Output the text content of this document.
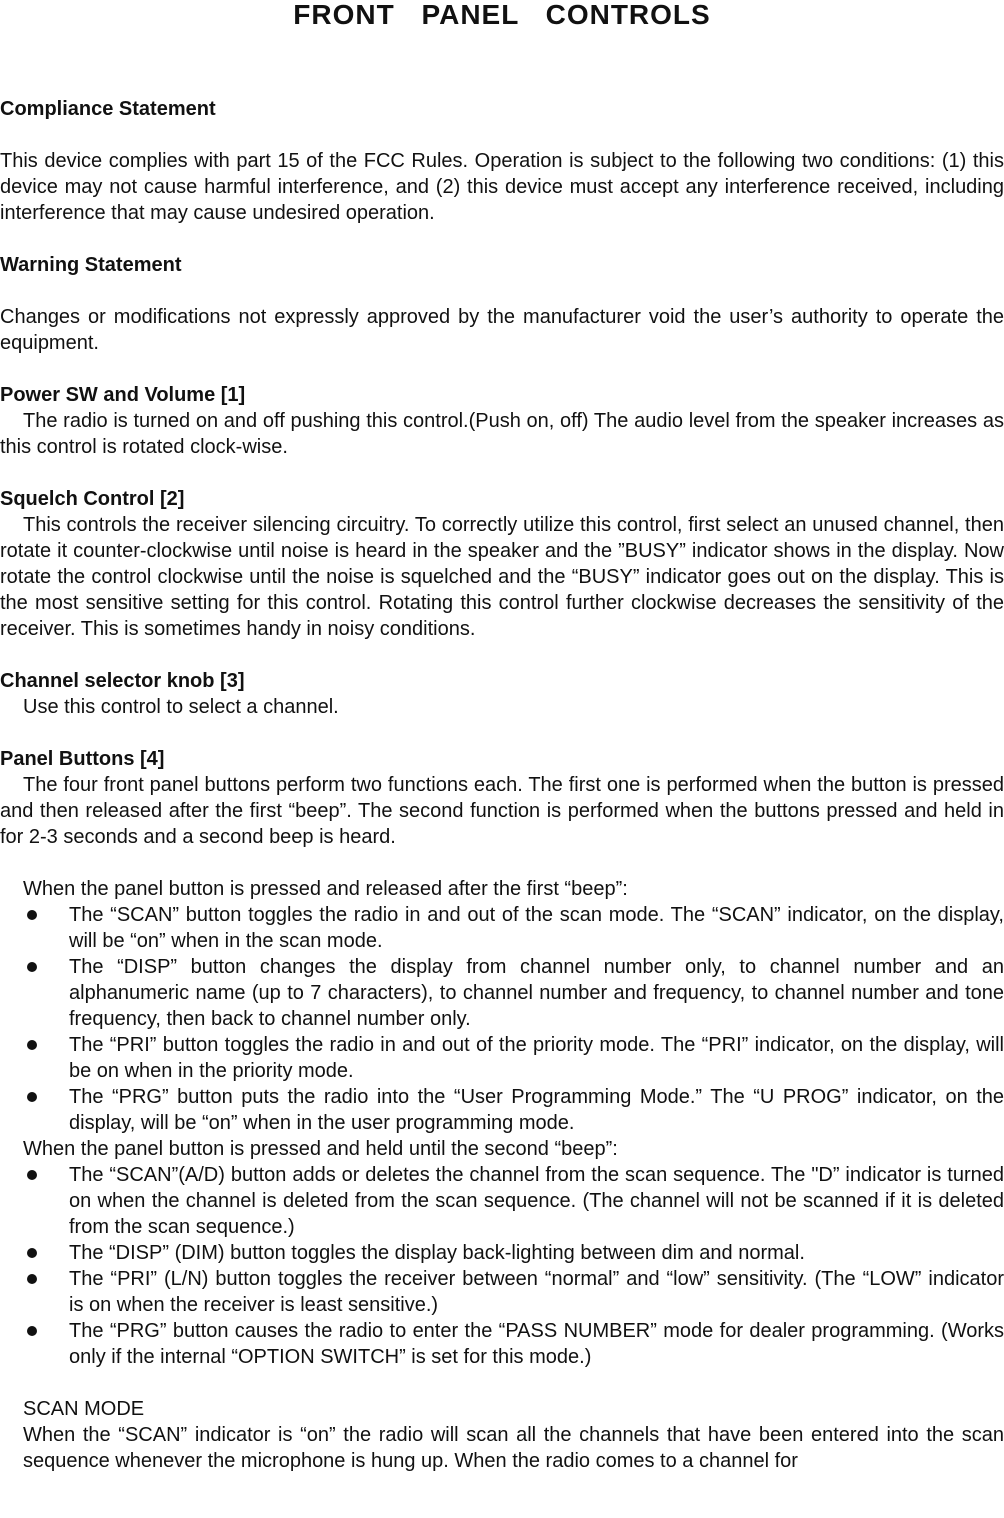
FRONT PANEL CONTROLS

Compliance Statement

This device complies with part 15 of the FCC Rules. Operation is subject to the following two conditions: (1) this device may not cause harmful interference, and (2) this device must accept any interference received, including interference that may cause undesired operation.

Warning Statement

Changes or modifications not expressly approved by the manufacturer void the user’s authority to operate the equipment.

Power SW and Volume [1]

The radio is turned on and off pushing this control.(Push on, off) The audio level from the speaker increases as this control is rotated clock-wise.

Squelch Control [2]

This controls the receiver silencing circuitry. To correctly utilize this control, first select an unused channel, then rotate it counter-clockwise until noise is heard in the speaker and the ”BUSY” indicator shows in the display. Now rotate the control clockwise until the noise is squelched and the “BUSY” indicator goes out on the display. This is the most sensitive setting for this control. Rotating this control further clockwise decreases the sensitivity of the receiver. This is sometimes handy in noisy conditions.

Channel selector knob [3]

Use this control to select a channel.

Panel Buttons [4]

The four front panel buttons perform two functions each. The first one is performed when the button is pressed and then released after the first “beep”. The second function is performed when the buttons pressed and held in for 2-3 seconds and a second beep is heard.

When the panel button is pressed and released after the first “beep”:

The “SCAN” button toggles the radio in and out of the scan mode. The “SCAN” indicator, on the display, will be “on” when in the scan mode.
The “DISP” button changes the display from channel number only, to channel number and an alphanumeric name (up to 7 characters), to channel number and frequency, to channel number and tone frequency, then back to channel number only.
The “PRI” button toggles the radio in and out of the priority mode. The “PRI” indicator, on the display, will be on when in the priority mode.
The “PRG” button puts the radio into the “User Programming Mode.” The “U PROG” indicator, on the display, will be “on” when in the user programming mode.

When the panel button is pressed and held until the second “beep”:

The “SCAN”(A/D) button adds or deletes the channel from the scan sequence. The "D” indicator is turned on when the channel is deleted from the scan sequence. (The channel will not be scanned if it is deleted from the scan sequence.)
The “DISP” (DIM) button toggles the display back-lighting between dim and normal.
The “PRI” (L/N) button toggles the receiver between “normal” and “low” sensitivity. (The “LOW” indicator is on when the receiver is least sensitive.)
The “PRG” button causes the radio to enter the “PASS NUMBER” mode for dealer programming. (Works only if the internal “OPTION SWITCH” is set for this mode.)

SCAN MODE

When the “SCAN” indicator is “on” the radio will scan all the channels that have been entered into the scan sequence whenever the microphone is hung up. When the radio comes to a channel for
